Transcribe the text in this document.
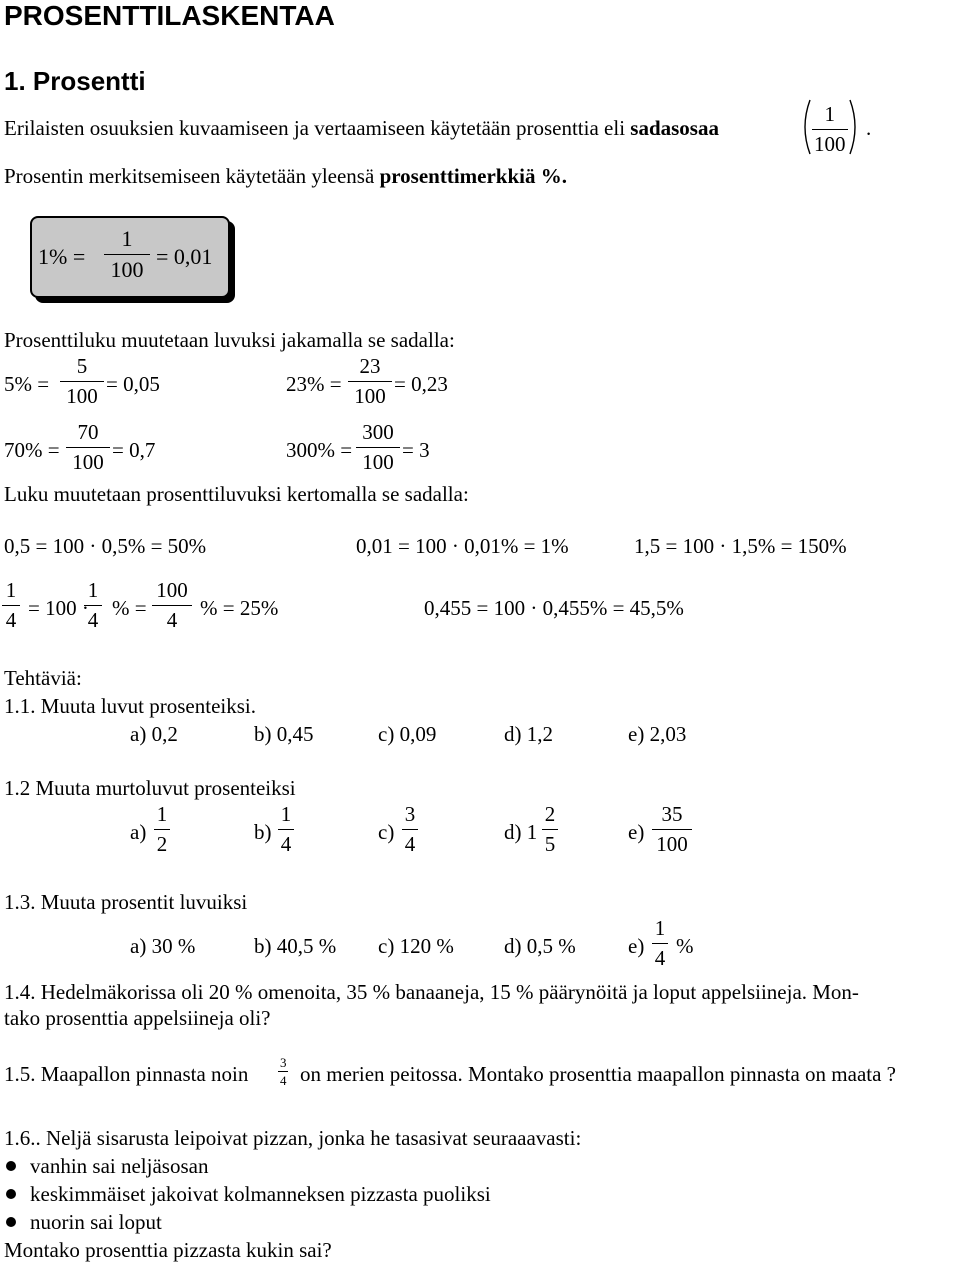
PROSENTTILASKENTAA
1. Prosentti
Erilaisten osuuksien kuvaamiseen ja vertaamiseen käytetään prosenttia eli sadasosaa
1
100
.
Prosentin merkitsemiseen käytetään yleensä prosenttimerkkiä %.
1% =
1
100
= 0,01
Prosenttiluku muutetaan luvuksi jakamalla se sadalla:
5% =
5
100 = 0,05	23% =
23
100 = 0,23
70% =
70
100 = 0,7	300% =
300
100 = 3
Luku muutetaan prosenttiluvuksi kertomalla se sadalla:
0,5 = 100 · 0,5% = 50%	0,01 = 100 · 0,01% = 1%	1,5 = 100 · 1,5% = 150%
1
4 = 100 ·
1
4 % =
100
4	% = 25%	0,455 = 100 · 0,455% = 45,5%
Tehtäviä:
1.1. Muuta luvut prosenteiksi.
a) 0,2	b) 0,45	c) 0,09	d) 1,2	e) 2,03
1.2 Muuta murtoluvut prosenteiksi
a)
1
2	b)
1
4	c)
3
4	d) 1
2
5	e)
35
100
1.3. Muuta prosentit luvuiksi
a) 30 %	b) 40,5 % c) 120 % d) 0,5 % e)
1
4 %
1.4. Hedelmäkorissa oli 20 % omenoita, 35 % banaaneja, 15 % päärynöitä ja loput appelsiineja. Mon-
tako prosenttia appelsiineja oli?
1.5. Maapallon pinnasta noin 3
4 on merien peitossa. Montako prosenttia maapallon pinnasta on maata ?
1.6.. Neljä sisarusta leipoivat pizzan, jonka he tasasivat seuraaavasti:
vanhin sai neljäsosan
keskimmäiset jakoivat kolmanneksen pizzasta puoliksi
nuorin sai loput
Montako prosenttia pizzasta kukin sai?
